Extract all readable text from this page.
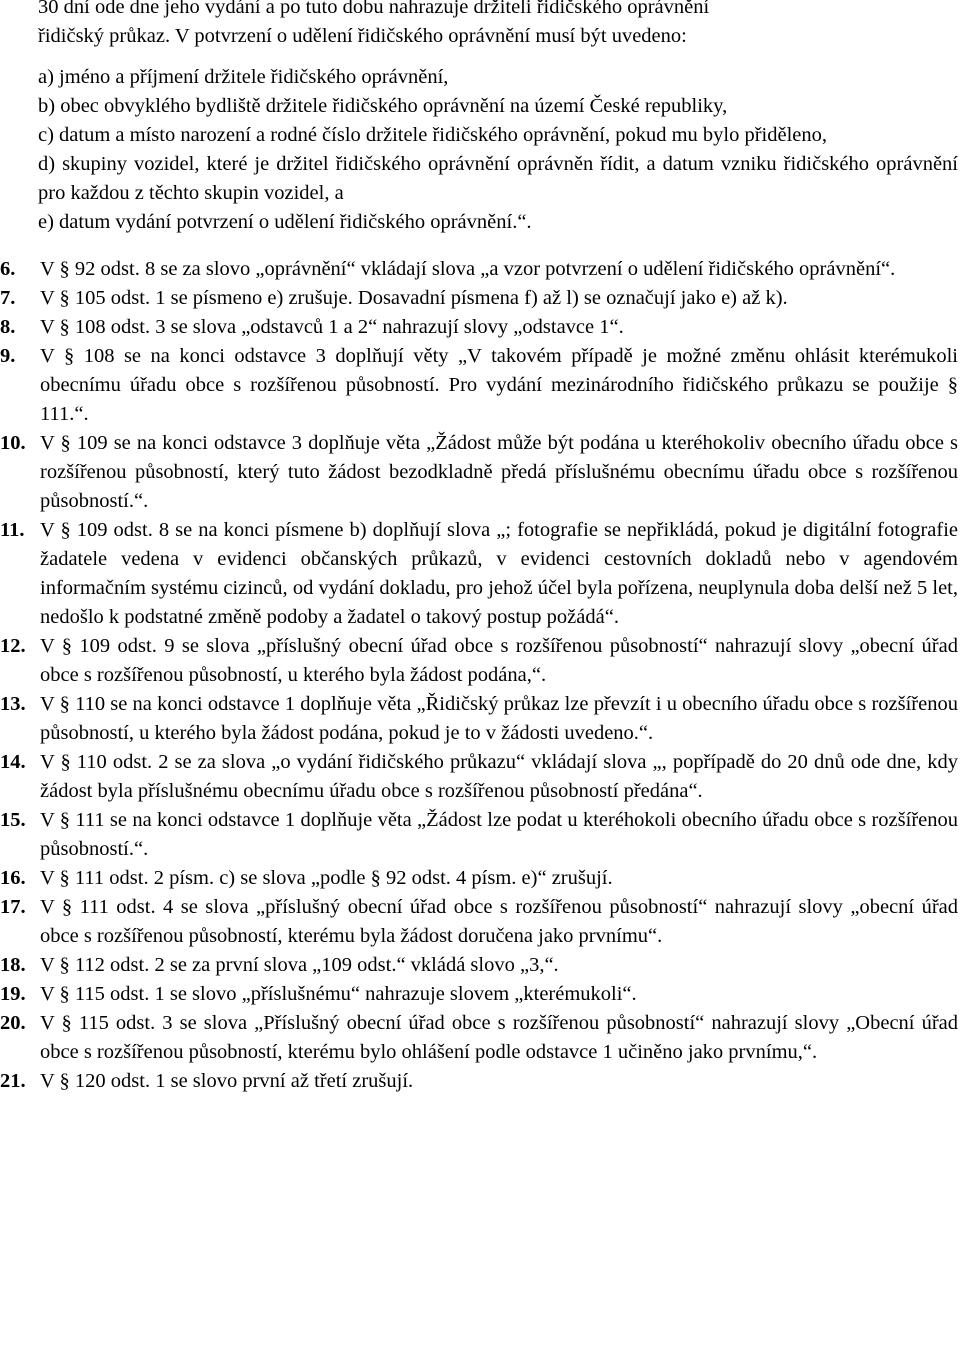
30 dní ode dne jeho vydání a po tuto dobu nahrazuje držiteli řidičského oprávnění

řidičský průkaz. V potvrzení o udělení řidičského oprávnění musí být uvedeno:

a) jméno a příjmení držitele řidičského oprávnění,

b) obec obvyklého bydliště držitele řidičského oprávnění na území České republiky,

c) datum a místo narození a rodné číslo držitele řidičského oprávnění, pokud mu bylo přiděleno,

d) skupiny vozidel, které je držitel řidičského oprávnění oprávněn řídit, a datum vzniku řidičského oprávnění pro každou z těchto skupin vozidel, a

e) datum vydání potvrzení o udělení řidičského oprávnění.“.

6. V § 92 odst. 8 se za slovo „oprávnění“ vkládají slova „a vzor potvrzení o udělení řidičského oprávnění“.
7. V § 105 odst. 1 se písmeno e) zrušuje. Dosavadní písmena f) až l) se označují jako e) až k).
8. V § 108 odst. 3 se slova „odstavců 1 a 2“ nahrazují slovy „odstavce 1“.
9. V § 108 se na konci odstavce 3 doplňují věty „V takovém případě je možné změnu ohlásit kterémukoli obecnímu úřadu obce s rozšířenou působností. Pro vydání mezinárodního řidičského průkazu se použije § 111.“.
10. V § 109 se na konci odstavce 3 doplňuje věta „Žádost může být podána u kteréhokoliv obecního úřadu obce s rozšířenou působností, který tuto žádost bezodkladně předá příslušnému obecnímu úřadu obce s rozšířenou působností.“.
11. V § 109 odst. 8 se na konci písmene b) doplňují slova „; fotografie se nepřikládá, pokud je digitální fotografie žadatele vedena v evidenci občanských průkazů, v evidenci cestovních dokladů nebo v agendovém informačním systému cizinců, od vydání dokladu, pro jehož účel byla pořízena, neuplynula doba delší než 5 let, nedošlo k podstatné změně podoby a žadatel o takový postup požádá“.
12. V § 109 odst. 9 se slova „příslušný obecní úřad obce s rozšířenou působností“ nahrazují slovy „obecní úřad obce s rozšířenou působností, u kterého byla žádost podána,“.
13. V § 110 se na konci odstavce 1 doplňuje věta „Řidičský průkaz lze převzít i u obecního úřadu obce s rozšířenou působností, u kterého byla žádost podána, pokud je to v žádosti uvedeno.“.
14. V § 110 odst. 2 se za slova „o vydání řidičského průkazu“ vkládají slova „, popřípadě do 20 dnů ode dne, kdy žádost byla příslušnému obecnímu úřadu obce s rozšířenou působností předána“.
15. V § 111 se na konci odstavce 1 doplňuje věta „Žádost lze podat u kteréhokoli obecního úřadu obce s rozšířenou působností.“.
16. V § 111 odst. 2 písm. c) se slova „podle § 92 odst. 4 písm. e)“ zrušují.
17. V § 111 odst. 4 se slova „příslušný obecní úřad obce s rozšířenou působností“ nahrazují slovy „obecní úřad obce s rozšířenou působností, kterému byla žádost doručena jako prvnímu“.
18. V § 112 odst. 2 se za první slova „109 odst.“ vkládá slovo „3,“.
19. V § 115 odst. 1 se slovo „příslušnému“ nahrazuje slovem „kterémukoli“.
20. V § 115 odst. 3 se slova „Příslušný obecní úřad obce s rozšířenou působností“ nahrazují slovy „Obecní úřad obce s rozšířenou působností, kterému bylo ohlášení podle odstavce 1 učiněno jako prvnímu,“.
21. V § 120 odst. 1 se slovo první až třetí zrušují.
